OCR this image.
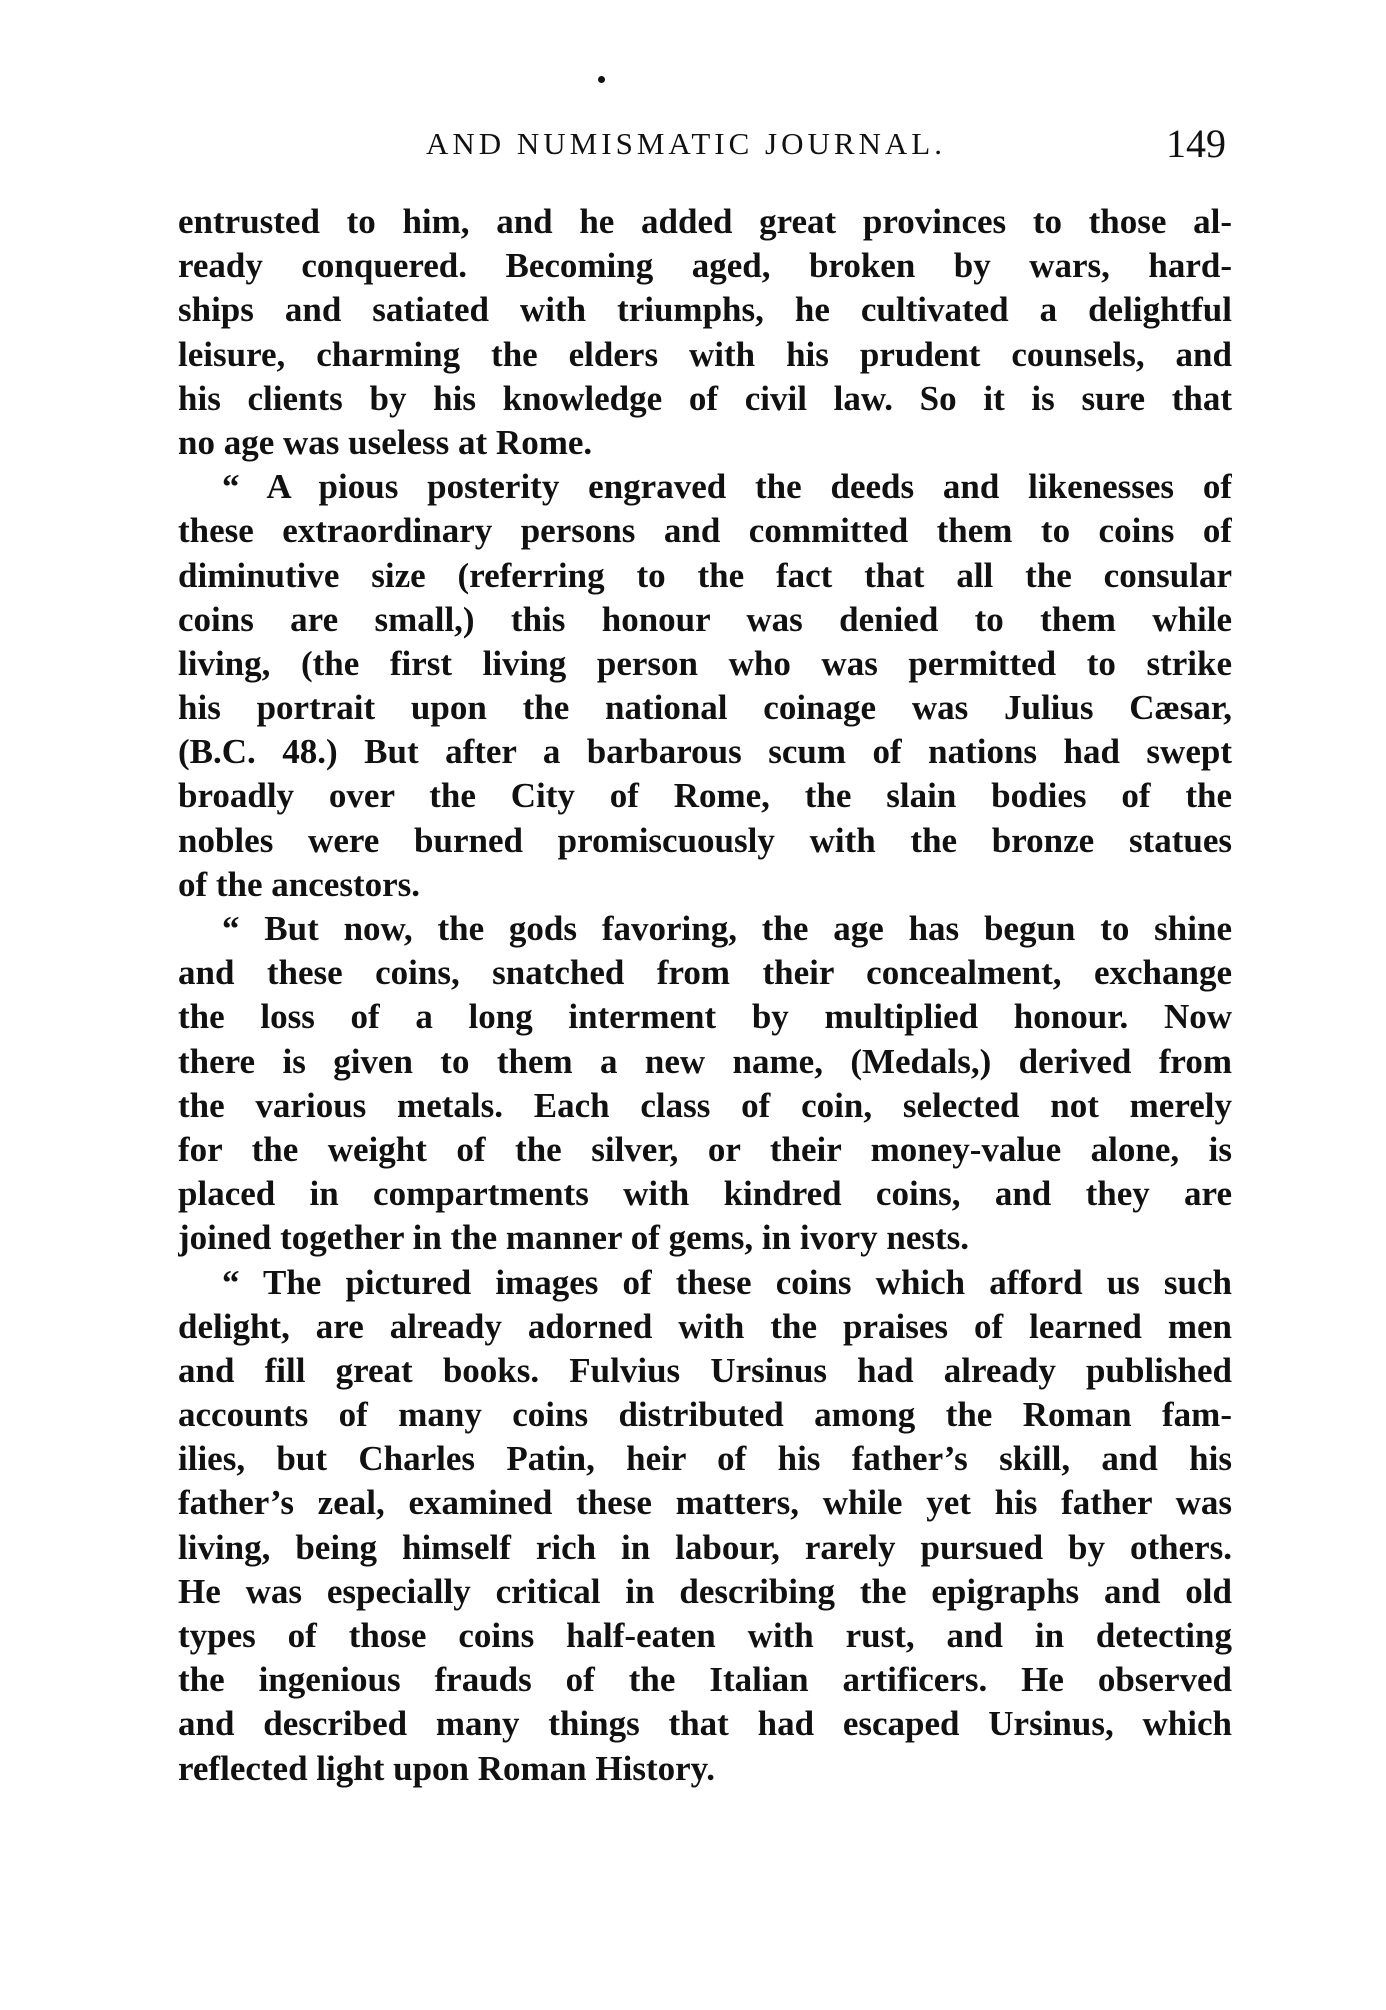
AND NUMISMATIC JOURNAL.	149
entrusted to him, and he added great provinces to those al-
ready conquered. Becoming aged, broken by wars, hard-
ships and satiated with triumphs, he cultivated a delightful
leisure, charming the elders with his prudent counsels, and
his clients by his knowledge of civil law. So it is sure that
no age was useless at Rome.
“ A pious posterity engraved the deeds and likenesses of
these extraordinary persons and committed them to coins of
diminutive size (referring to the fact that all the consular
coins are small,) this honour was denied to them while
living, (the first living person who was permitted to strike
his portrait upon the national coinage was Julius Cæsar,
(B.C. 48.) But after a barbarous scum of nations had swept
broadly over the City of Rome, the slain bodies of the
nobles were burned promiscuously with the bronze statues
of the ancestors.
“ But now, the gods favoring, the age has begun to shine
and these coins, snatched from their concealment, exchange
the loss of a long interment by multiplied honour. Now
there is given to them a new name, (Medals,) derived from
the various metals. Each class of coin, selected not merely
for the weight of the silver, or their money-value alone, is
placed in compartments with kindred coins, and they are
joined together in the manner of gems, in ivory nests.
“ The pictured images of these coins which afford us such
delight, are already adorned with the praises of learned men
and fill great books. Fulvius Ursinus had already published
accounts of many coins distributed among the Roman fam-
ilies, but Charles Patin, heir of his father’s skill, and his
father’s zeal, examined these matters, while yet his father was
living, being himself rich in labour, rarely pursued by others.
He was especially critical in describing the epigraphs and old
types of those coins half-eaten with rust, and in detecting
the ingenious frauds of the Italian artificers. He observed
and described many things that had escaped Ursinus, which
reflected light upon Roman History.
